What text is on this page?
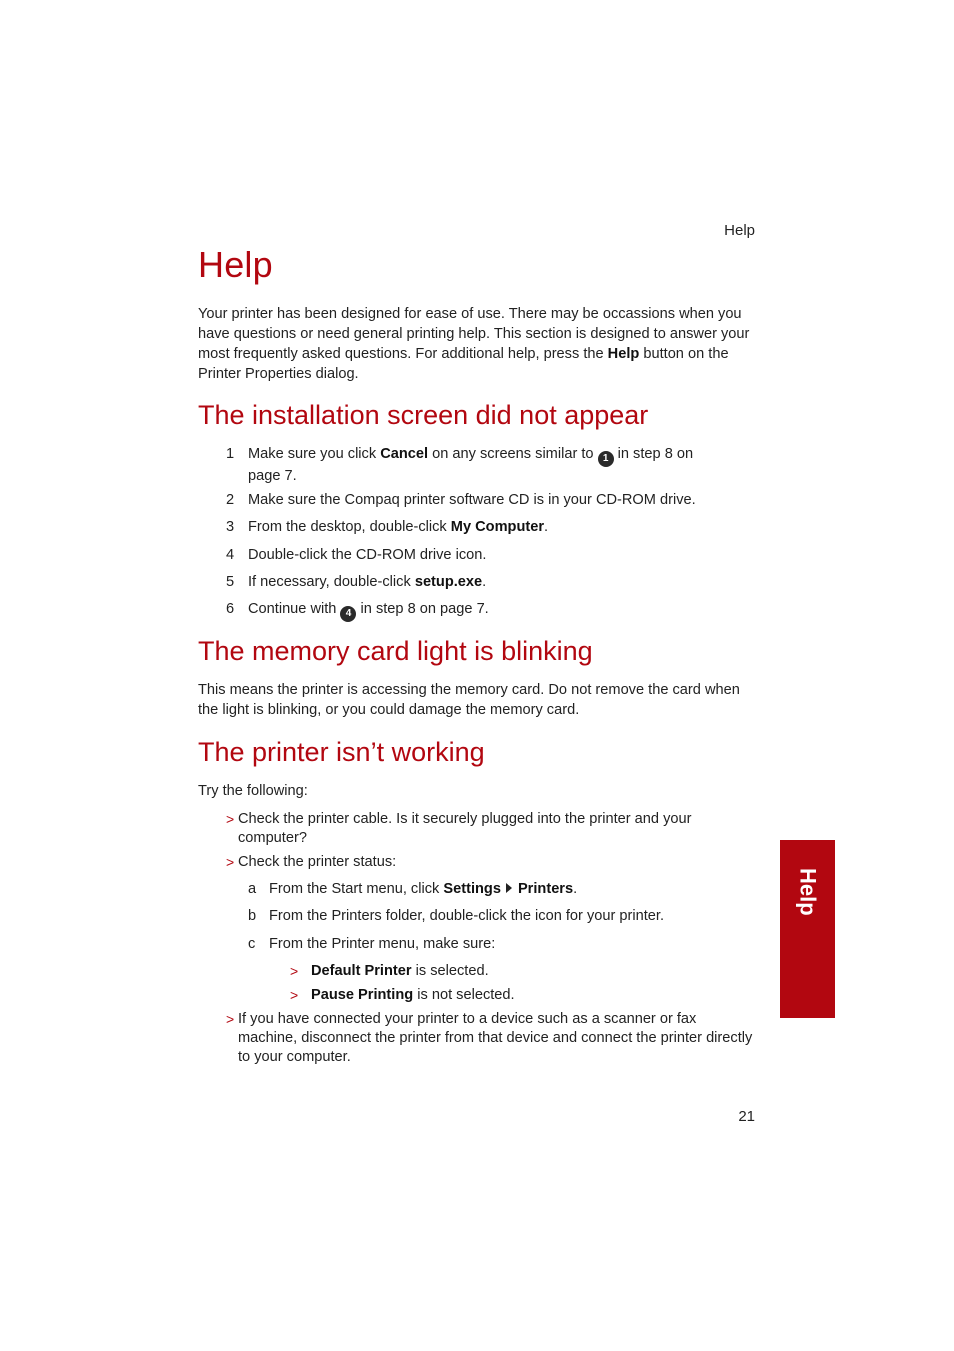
Help
Help

Your printer has been designed for ease of use. There may be occassions when you have questions or need general printing help. This section is designed to answer your most frequently asked questions. For additional help, press the Help button on the Printer Properties dialog.

The installation screen did not appear
1 Make sure you click Cancel on any screens similar to 1 in step 8 on page 7.
2 Make sure the Compaq printer software CD is in your CD-ROM drive.
3 From the desktop, double-click My Computer.
4 Double-click the CD-ROM drive icon.
5 If necessary, double-click setup.exe.
6 Continue with 4 in step 8 on page 7.
The memory card light is blinking

This means the printer is accessing the memory card. Do not remove the card when the light is blinking, or you could damage the memory card.

The printer isn’t working

Try the following:

> Check the printer cable. Is it securely plugged into the printer and your computer?
> Check the printer status:
a From the Start menu, click Settings Printers.
b From the Printers folder, double-click the icon for your printer.
c From the Printer menu, make sure:
> Default Printer is selected.
> Pause Printing is not selected.
> If you have connected your printer to a device such as a scanner or fax machine, disconnect the printer from that device and connect the printer directly to your computer.
Help
21
